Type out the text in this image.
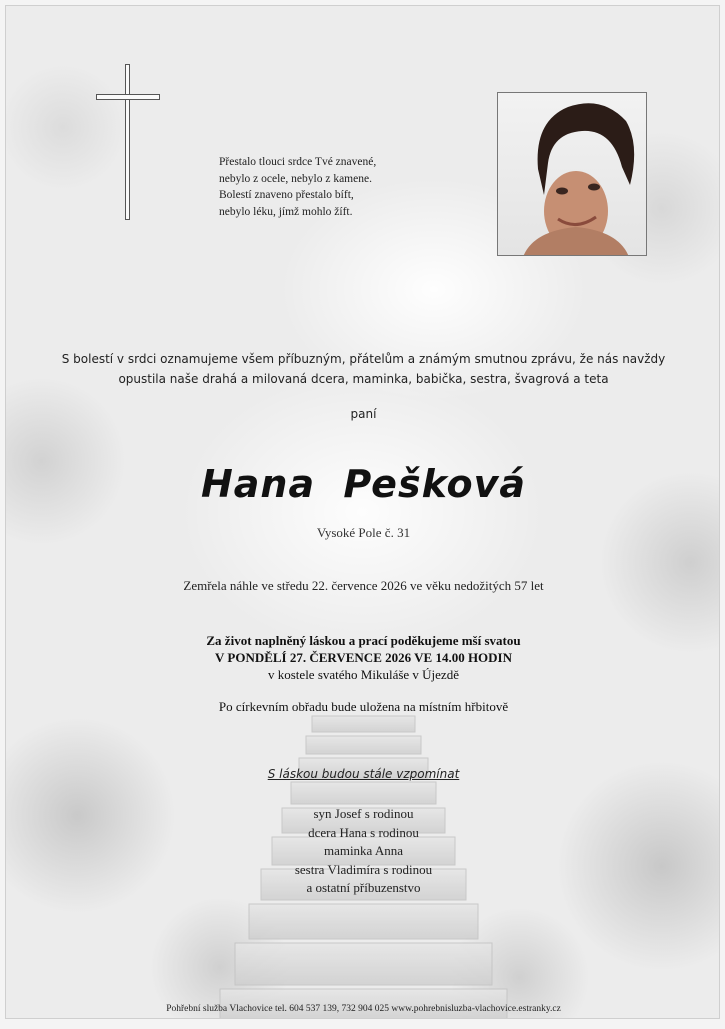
Přestalo tlouci srdce Tvé znavené,
nebylo z ocele, nebylo z kamene.
Bolestí znaveno přestalo bíft,
nebylo léku, jímž mohlo žíft.
S bolestí v srdci oznamujeme všem příbuzným, přátelům a známým smutnou zprávu, že nás navždy
opustila naše drahá a milovaná dcera, maminka, babička, sestra, švagrová a teta
paní
Hana Pešková
Vysoké Pole č. 31
Zemřela náhle ve středu 22. července 2026 ve věku nedožitých 57 let
Za život naplněný láskou a prací poděkujeme mší svatou
V PONDĚLÍ 27. ČERVENCE 2026 VE 14.00 HODIN
v kostele svatého Mikuláše v Újezdě
Po církevním obřadu bude uložena na místním hřbitově
S láskou budou stále vzpomínat
syn Josef s rodinou
dcera Hana s rodinou
maminka Anna
sestra Vladimíra s rodinou
a ostatní příbuzenstvo
Pohřební služba Vlachovice tel. 604 537 139, 732 904 025 www.pohrebnisluzba-vlachovice.estranky.cz
